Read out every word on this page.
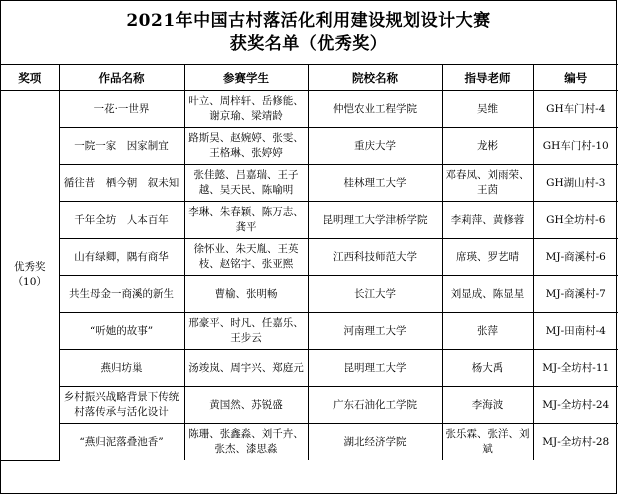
2021年中国古村落活化利用建设规划设计大赛
获奖名单（优秀奖）
奖项	作品名称	参赛学生	院校名称	指导老师	编号

优秀奖
（10）	一花·一世界	叶立、周梓轩、岳修能、谢京瑜、梁靖龄	仲恺农业工程学院	吴维	GH车门村-4
	一院一家　因家制宜	路斯昊、赵婉婷、张雯、王格琳、张婷婷	重庆大学	龙彬	GH车门村-10
	循往昔　栖今朝　叙未知	张佳懿、吕嘉瑞、王子越、吴天民、陈喻明	桂林理工大学	邓春凤、刘雨荣、王茵	GH湖山村-3
	千年全坊　人本百年	李琳、朱春颖、陈万志、龚平	昆明理工大学津桥学院	李莉萍、黄修蓉	GH全坊村-6
	山有绿卿，隅有商华	徐怀业、朱天胤、王英枝、赵铭宇、张亚熙	江西科技师范大学	席瑛、罗艺晴	MJ-商溪村-6
	共生母金一商溪的新生	曹榆、张明畅	长江大学	刘显成、陈显星	MJ-商溪村-7
	“听她的故事”	邢豪平、时凡、任嘉乐、王步云	河南理工大学	张萍	MJ-田南村-4
	燕归坊巢	汤竣岚、周宇兴、郑庭元	昆明理工大学	杨大禹	MJ-全坊村-11
	乡村振兴战略背景下传统村落传承与活化设计	黄国然、苏锐盛	广东石油化工学院	李海波	MJ-全坊村-24
	“燕归泥落叠池香”	陈珊、张鑫淼、刘千卉、张杰、漆思淼	湖北经济学院	张乐霖、张洋、刘斌	MJ-全坊村-28
